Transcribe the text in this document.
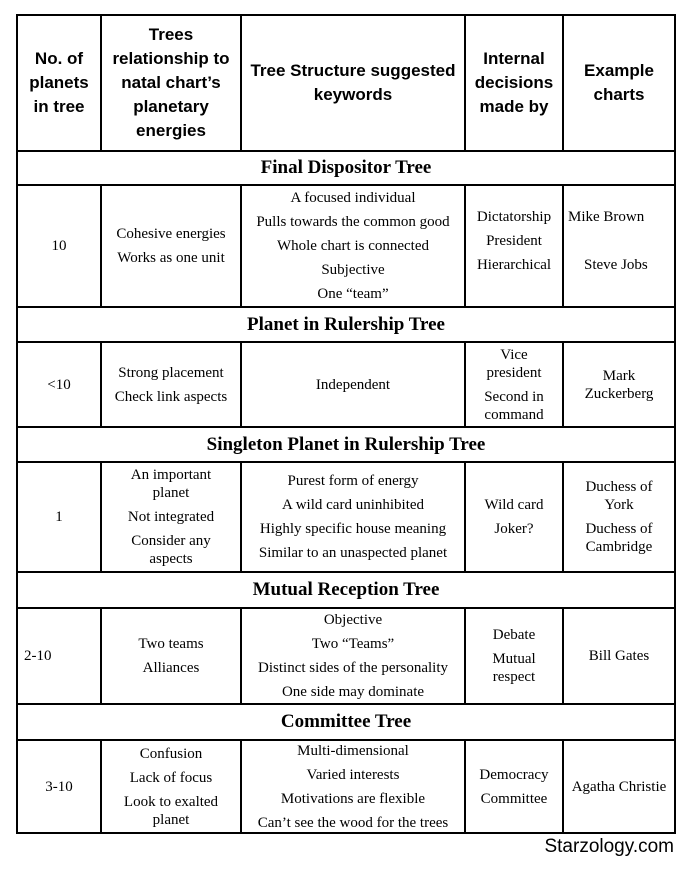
No. of
planets
in tree
Trees
relationship to
natal chart’s
planetary
energies
Tree Structure suggested
keywords
Internal
decisions
made by
Example
charts
Final Dispositor Tree
Planet in Rulership Tree
Singleton Planet in Rulership Tree
Mutual Reception Tree
Committee Tree
10
Cohesive energies
Works as one unit
A focused individual
Pulls towards the common good
Whole chart is connected
Subjective
One “team”
Dictatorship
President
Hierarchical
Mike Brown
Steve Jobs
<10
Strong placement
Check link aspects
Independent
Vice
president
Second in
command
Mark
Zuckerberg
1
An important
planet
Not integrated
Consider any
aspects
Purest form of energy
A wild card uninhibited
Highly specific house meaning
Similar to an unaspected planet
Wild card
Joker?
Duchess of
York
Duchess of
Cambridge
2-10
Two teams
Alliances
Objective
Two “Teams”
Distinct sides of the personality
One side may dominate
Debate
Mutual
respect
Bill Gates
3-10
Confusion
Lack of focus
Look to exalted
planet
Multi-dimensional
Varied interests
Motivations are flexible
Can’t see the wood for the trees
Democracy
Committee
Agatha Christie
Starzology.com
